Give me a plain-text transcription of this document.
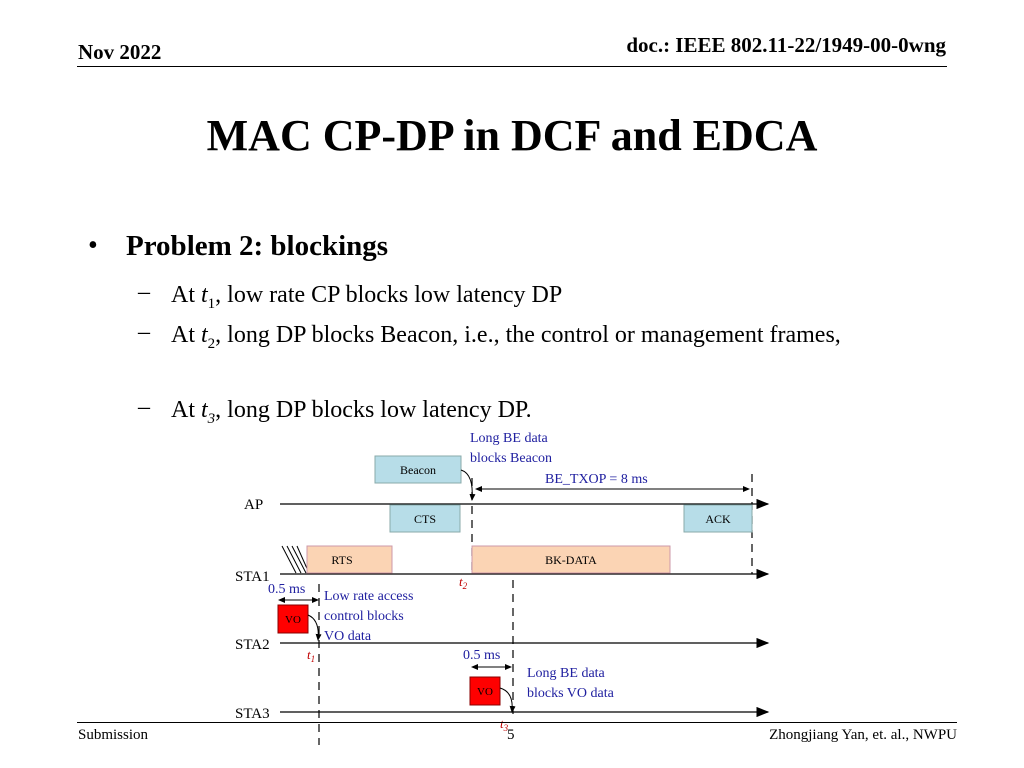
Nov 2022	doc.: IEEE 802.11-22/1949-00-0wng
MAC CP-DP in DCF and EDCA
• Problem 2: blockings
– At $t_1$, low rate CP blocks low latency DP
– At $t_2$, long DP blocks Beacon, i.e., the control or management frames,
– At $t_3$, long DP blocks low latency DP.
AP
STA1
STA2
STA3
Beacon
CTS	ACK
RTS	BK-DATA
VO
VO
BE_TXOP = 8 ms
Long BE data
blocks Beacon
0.5 ms Low rate access
control blocks
VO data
0.5 ms
Long BE data
blocks VO data
$t_1$
$t_2$
$t_3$
Submission	5	Zhongjiang Yan, et. al., NWPU
